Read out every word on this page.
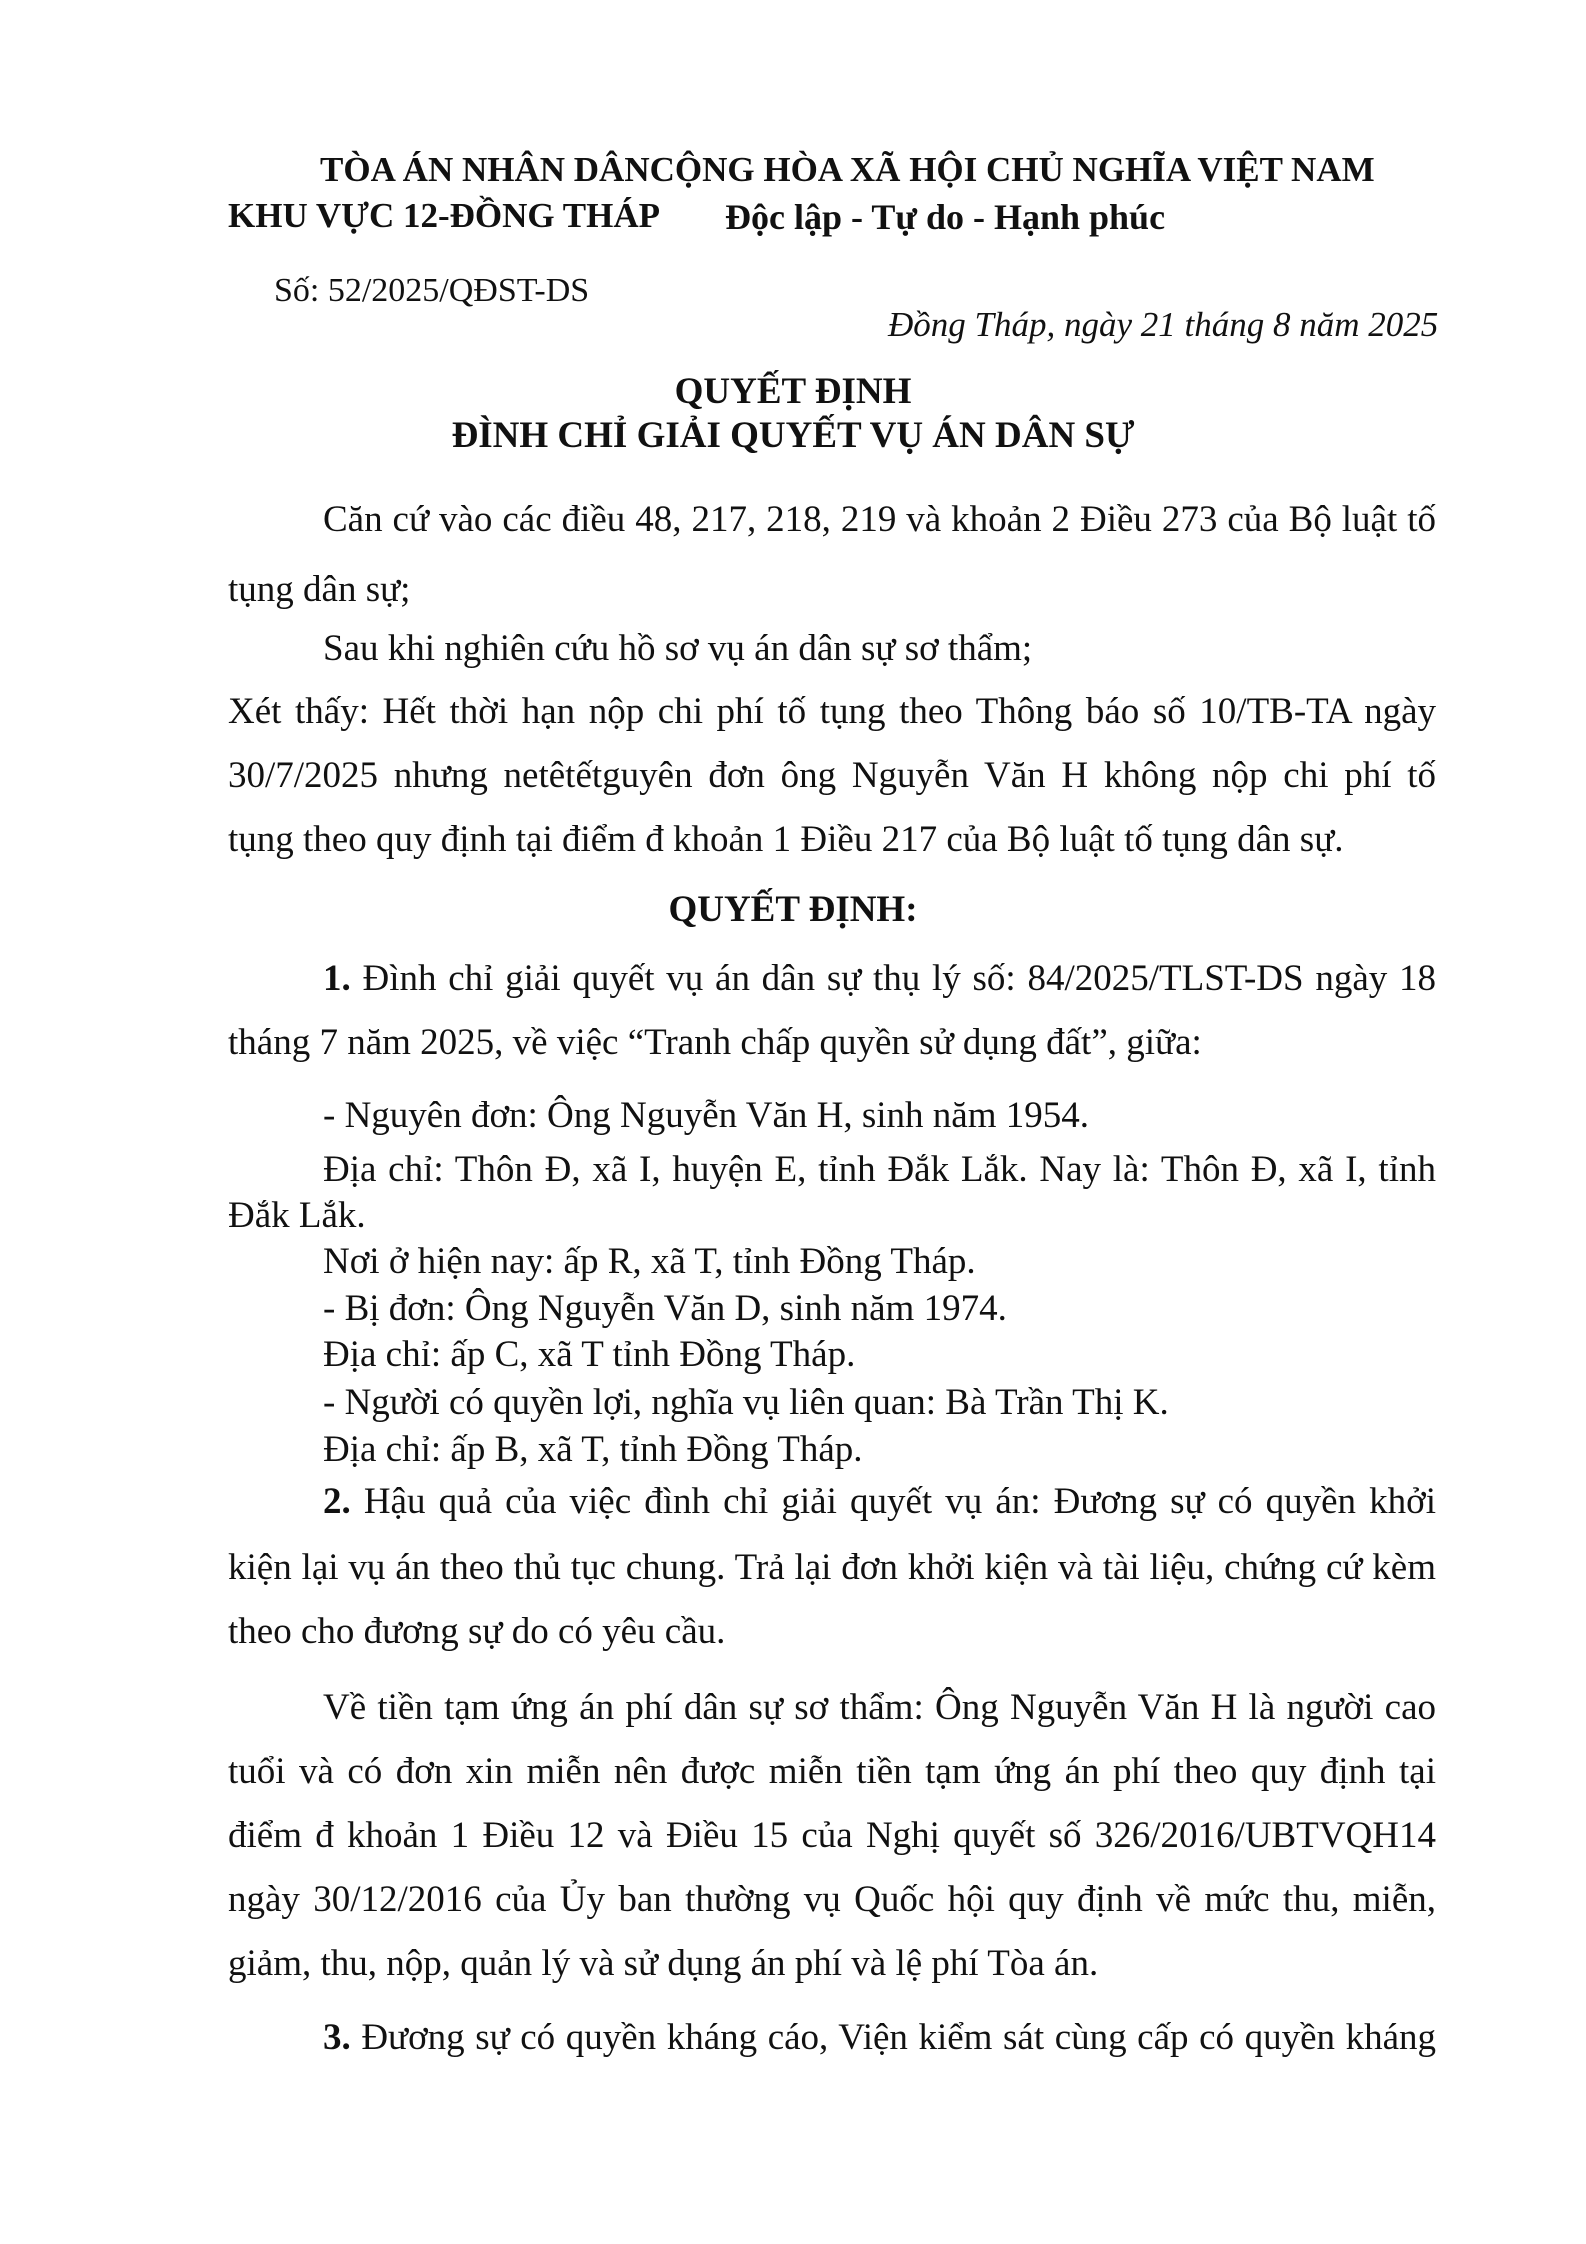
TÒA ÁN NHÂN DÂNCỘNG HÒA XÃ HỘI CHỦ NGHĨA VIỆT NAM
KHU VỰC 12-ĐỒNG THÁP Độc lập - Tự do - Hạnh phúc
Số: 52/2025/QĐST-DS
Đồng Tháp, ngày 21 tháng 8 năm 2025
QUYẾT ĐỊNH
ĐÌNH CHỈ GIẢI QUYẾT VỤ ÁN DÂN SỰ
Căn cứ vào các điều 48, 217, 218, 219 và khoản 2 Điều 273 của Bộ luật tố
tụng dân sự;
Sau khi nghiên cứu hồ sơ vụ án dân sự sơ thẩm;
Xét thấy: Hết thời hạn nộp chi phí tố tụng theo Thông báo số 10/TB-TA ngày
30/7/2025 nhưng netêtếtguyên đơn ông Nguyễn Văn H không nộp chi phí tố
tụng theo quy định tại điểm đ khoản 1 Điều 217 của Bộ luật tố tụng dân sự.
QUYẾT ĐỊNH:
1. Đình chỉ giải quyết vụ án dân sự thụ lý số: 84/2025/TLST-DS ngày 18
tháng 7 năm 2025, về việc “Tranh chấp quyền sử dụng đất”, giữa:
- Nguyên đơn: Ông Nguyễn Văn H, sinh năm 1954.
Địa chỉ: Thôn Đ, xã I, huyện E, tỉnh Đắk Lắk. Nay là: Thôn Đ, xã I, tỉnh
Đắk Lắk.
Nơi ở hiện nay: ấp R, xã T, tỉnh Đồng Tháp.
- Bị đơn: Ông Nguyễn Văn D, sinh năm 1974.
Địa chỉ: ấp C, xã T tỉnh Đồng Tháp.
- Người có quyền lợi, nghĩa vụ liên quan: Bà Trần Thị K.
Địa chỉ: ấp B, xã T, tỉnh Đồng Tháp.
2. Hậu quả của việc đình chỉ giải quyết vụ án: Đương sự có quyền khởi
kiện lại vụ án theo thủ tục chung. Trả lại đơn khởi kiện và tài liệu, chứng cứ kèm
theo cho đương sự do có yêu cầu.
Về tiền tạm ứng án phí dân sự sơ thẩm: Ông Nguyễn Văn H là người cao
tuổi và có đơn xin miễn nên được miễn tiền tạm ứng án phí theo quy định tại
điểm đ khoản 1 Điều 12 và Điều 15 của Nghị quyết số 326/2016/UBTVQH14
ngày 30/12/2016 của Ủy ban thường vụ Quốc hội quy định về mức thu, miễn,
giảm, thu, nộp, quản lý và sử dụng án phí và lệ phí Tòa án.
3. Đương sự có quyền kháng cáo, Viện kiểm sát cùng cấp có quyền kháng
